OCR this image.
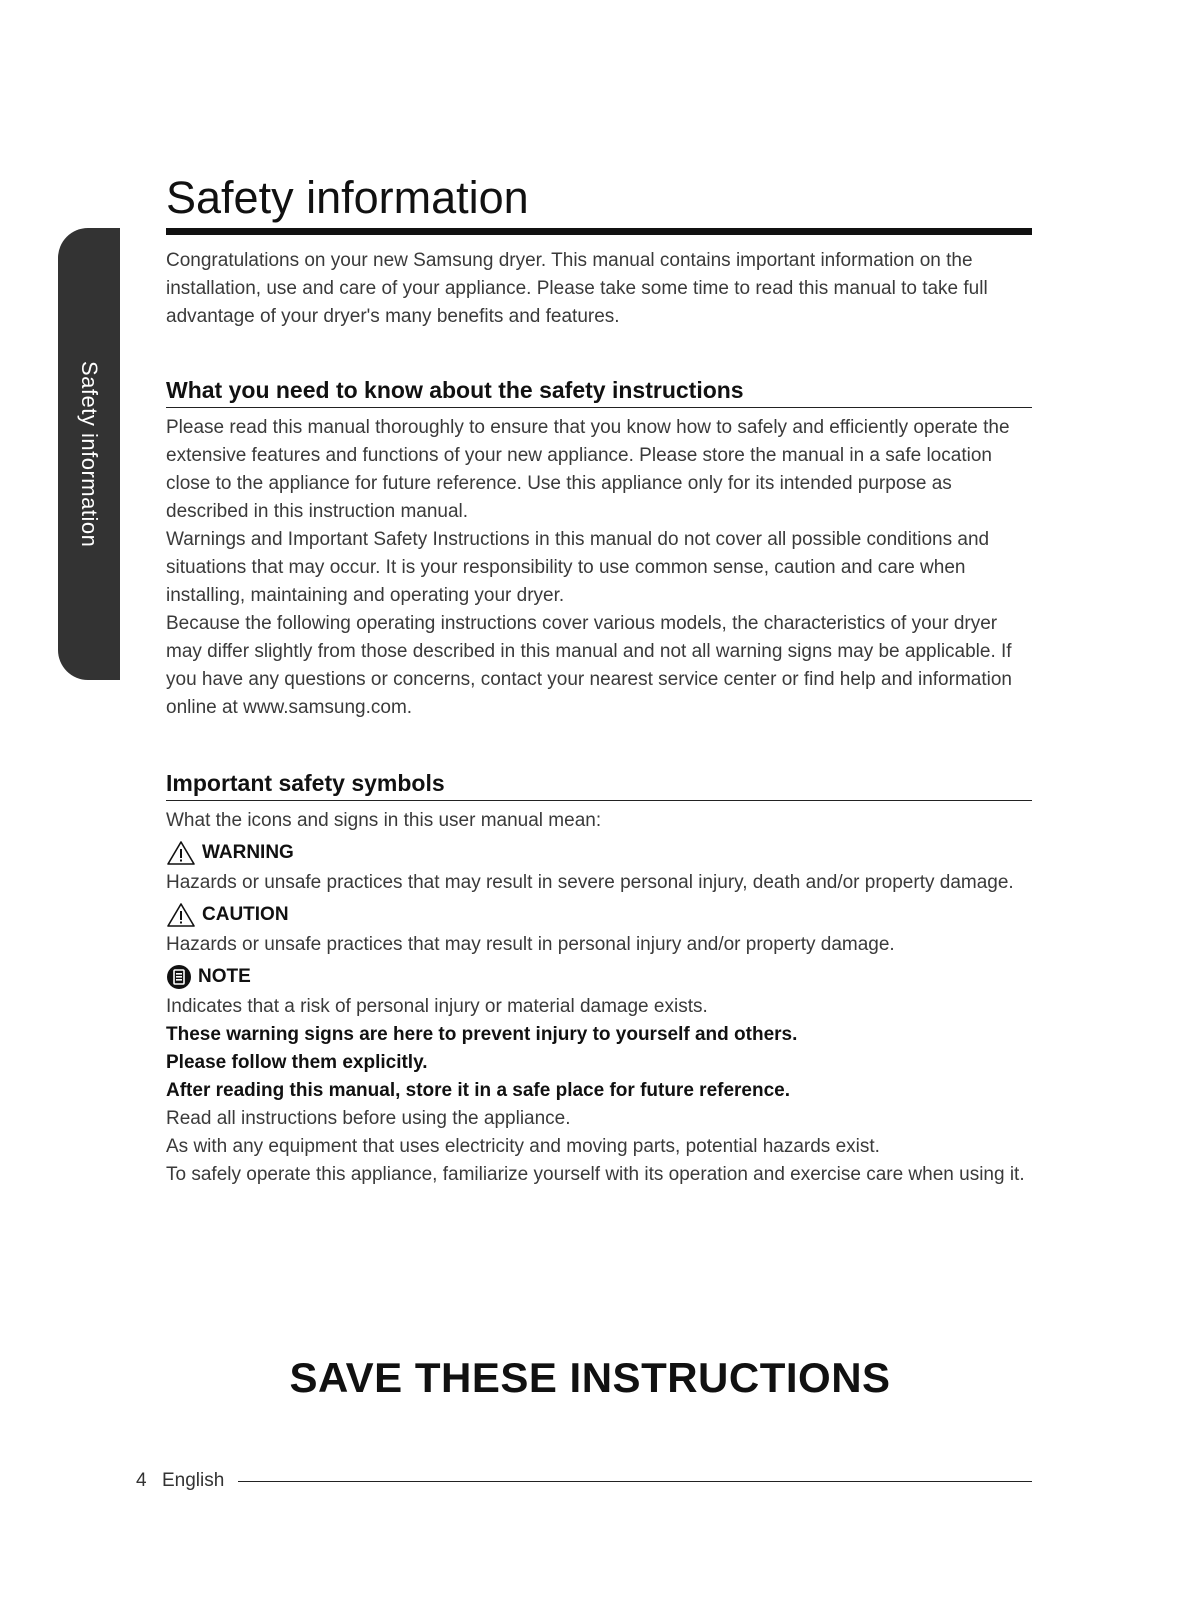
Safety information
Safety information

Congratulations on your new Samsung dryer. This manual contains important information on the installation, use and care of your appliance. Please take some time to read this manual to take full advantage of your dryer's many benefits and features.

What you need to know about the safety instructions

Please read this manual thoroughly to ensure that you know how to safely and efficiently operate the extensive features and functions of your new appliance. Please store the manual in a safe location close to the appliance for future reference. Use this appliance only for its intended purpose as described in this instruction manual.

Warnings and Important Safety Instructions in this manual do not cover all possible conditions and situations that may occur. It is your responsibility to use common sense, caution and care when installing, maintaining and operating your dryer.

Because the following operating instructions cover various models, the characteristics of your dryer may differ slightly from those described in this manual and not all warning signs may be applicable. If you have any questions or concerns, contact your nearest service center or find help and information online at www.samsung.com.

Important safety symbols

What the icons and signs in this user manual mean:

WARNING

Hazards or unsafe practices that may result in severe personal injury, death and/or property damage.

CAUTION

Hazards or unsafe practices that may result in personal injury and/or property damage.

NOTE

Indicates that a risk of personal injury or material damage exists.

These warning signs are here to prevent injury to yourself and others.

Please follow them explicitly.

After reading this manual, store it in a safe place for future reference.

Read all instructions before using the appliance.

As with any equipment that uses electricity and moving parts, potential hazards exist.

To safely operate this appliance, familiarize yourself with its operation and exercise care when using it.

SAVE THESE INSTRUCTIONS
4 English
